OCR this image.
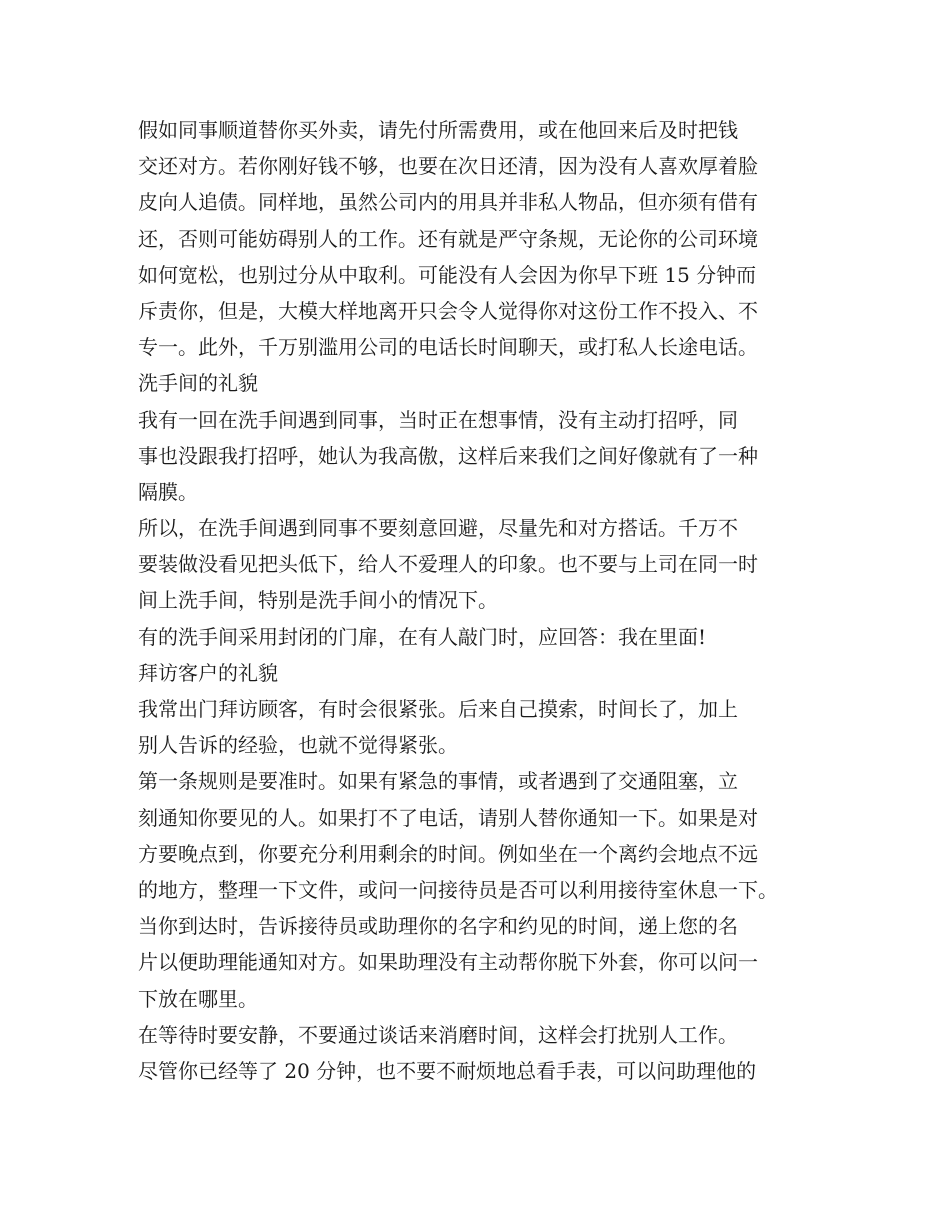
假如同事顺道替你买外卖，请先付所需费用，或在他回来后及时把钱
交还对方。若你刚好钱不够，也要在次日还清，因为没有人喜欢厚着脸
皮向人追债。同样地，虽然公司内的用具并非私人物品，但亦须有借有
还，否则可能妨碍别人的工作。还有就是严守条规，无论你的公司环境
如何宽松，也别过分从中取利。可能没有人会因为你早下班 15 分钟而
斥责你，但是，大模大样地离开只会令人觉得你对这份工作不投入、不
专一。此外，千万别滥用公司的电话长时间聊天，或打私人长途电话。
洗手间的礼貌
我有一回在洗手间遇到同事，当时正在想事情，没有主动打招呼，同
事也没跟我打招呼，她认为我高傲，这样后来我们之间好像就有了一种
隔膜。
所以，在洗手间遇到同事不要刻意回避，尽量先和对方搭话。千万不
要装做没看见把头低下，给人不爱理人的印象。也不要与上司在同一时
间上洗手间，特别是洗手间小的情况下。
有的洗手间采用封闭的门扉，在有人敲门时，应回答：我在里面!
拜访客户的礼貌
我常出门拜访顾客，有时会很紧张。后来自己摸索，时间长了，加上
别人告诉的经验，也就不觉得紧张。
第一条规则是要准时。如果有紧急的事情，或者遇到了交通阻塞，立
刻通知你要见的人。如果打不了电话，请别人替你通知一下。如果是对
方要晚点到，你要充分利用剩余的时间。例如坐在一个离约会地点不远
的地方，整理一下文件，或问一问接待员是否可以利用接待室休息一下。
当你到达时，告诉接待员或助理你的名字和约见的时间，递上您的名
片以便助理能通知对方。如果助理没有主动帮你脱下外套，你可以问一
下放在哪里。
在等待时要安静，不要通过谈话来消磨时间，这样会打扰别人工作。
尽管你已经等了 20 分钟，也不要不耐烦地总看手表，可以问助理他的
